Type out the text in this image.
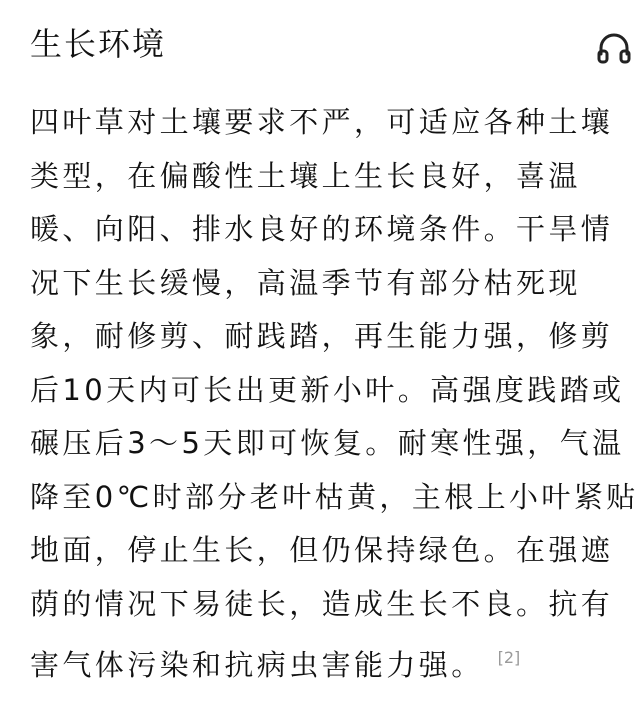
生长环境

四叶草对土壤要求不严，可适应各种土壤
类型，在偏酸性土壤上生长良好，喜温
暖、向阳、排水良好的环境条件。干旱情
况下生长缓慢，高温季节有部分枯死现
象，耐修剪、耐践踏，再生能力强，修剪
后10天内可长出更新小叶。高强度践踏或
碾压后3～5天即可恢复。耐寒性强，气温
降至0℃时部分老叶枯黄，主根上小叶紧贴
地面，停止生长，但仍保持绿色。在强遮
荫的情况下易徒长，造成生长不良。抗有
害气体污染和抗病虫害能力强。 [2]
